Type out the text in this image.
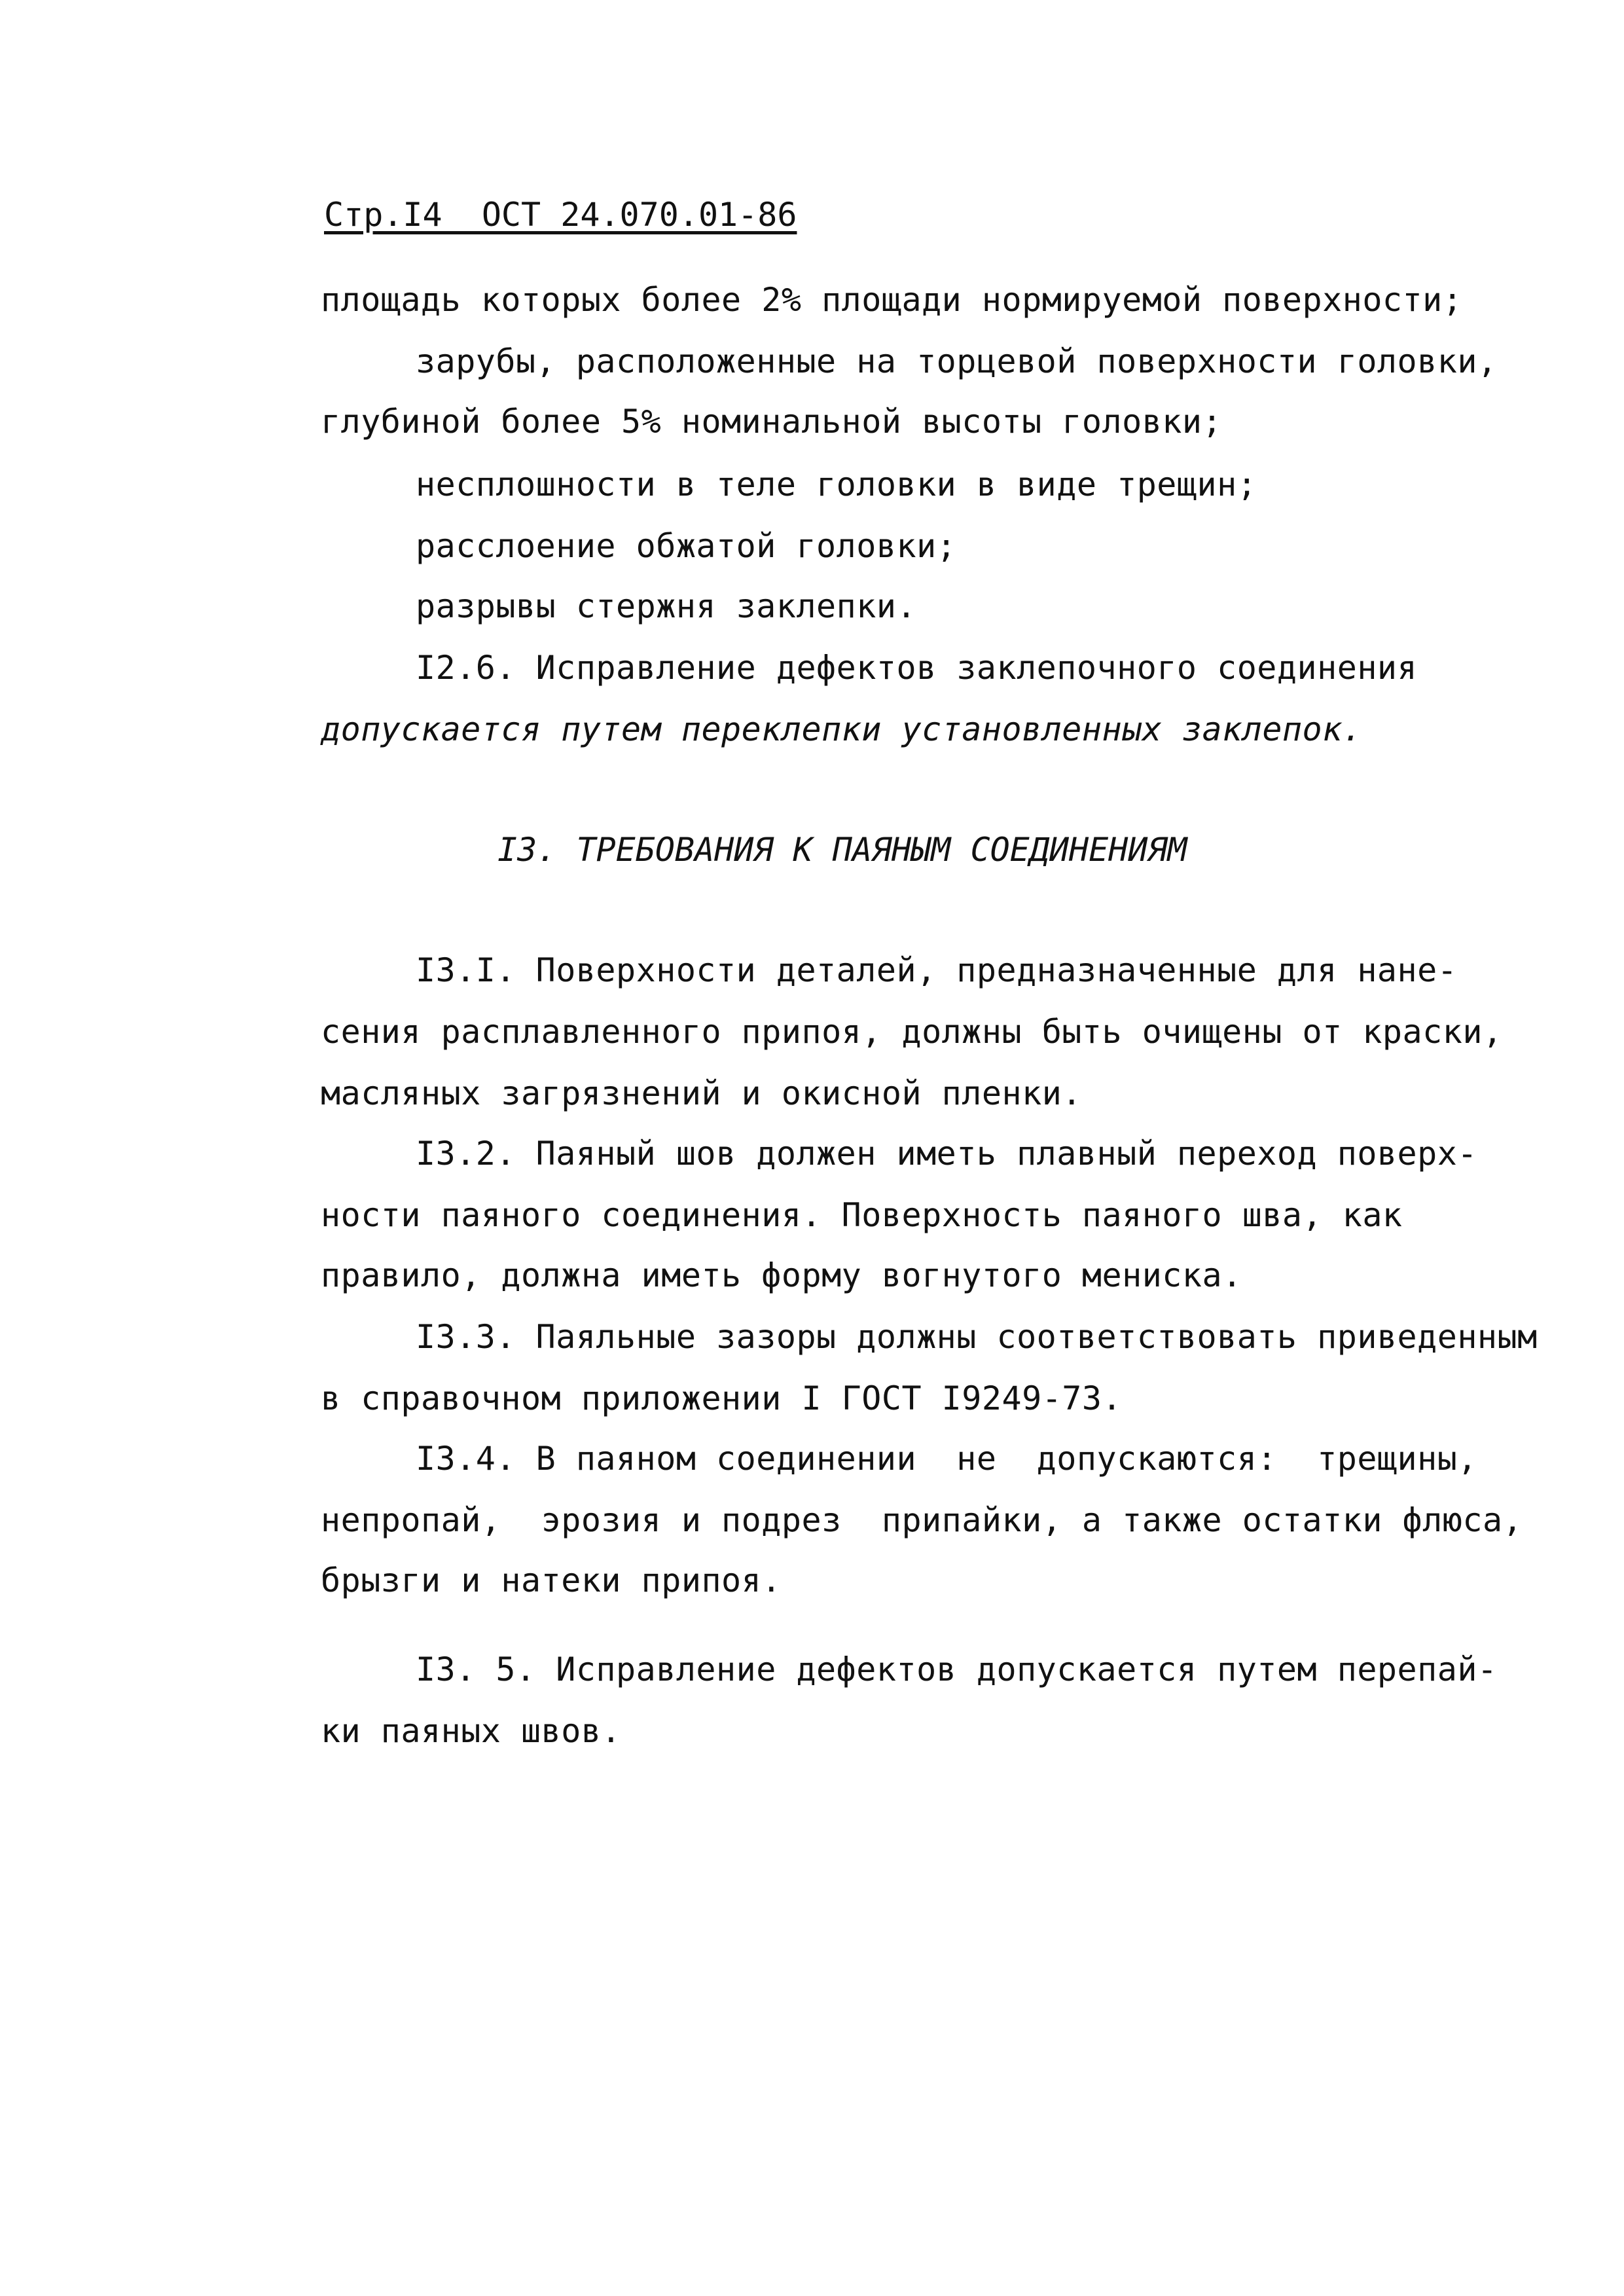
Стр.I4  ОСТ 24.070.01-86
площадь которых более 2% площади нормируемой поверхности;
зарубы, расположенные на торцевой поверхности головки,
глубиной более 5% номинальной высоты головки;
несплошности в теле головки в виде трещин;
расслоение обжатой головки;
разрывы стержня заклепки.
I2.6. Исправление дефектов заклепочного соединения
допускается путем переклепки установленных заклепок.
I3. ТРЕБОВАНИЯ К ПАЯНЫМ СОЕДИНЕНИЯМ
I3.I. Поверхности деталей, предназначенные для нане-
сения расплавленного припоя, должны быть очищены от краски,
масляных загрязнений и окисной пленки.
I3.2. Паяный шов должен иметь плавный переход поверх-
ности паяного соединения. Поверхность паяного шва, как
правило, должна иметь форму вогнутого мениска.
I3.3. Паяльные зазоры должны соответствовать приведенным
в справочном приложении I ГОСТ I9249-73.
I3.4. В паяном соединении  не  допускаются:  трещины,
непропай,  эрозия и подрез  припайки, а также остатки флюса,
брызги и натеки припоя.
I3. 5. Исправление дефектов допускается путем перепай-
ки паяных швов.
